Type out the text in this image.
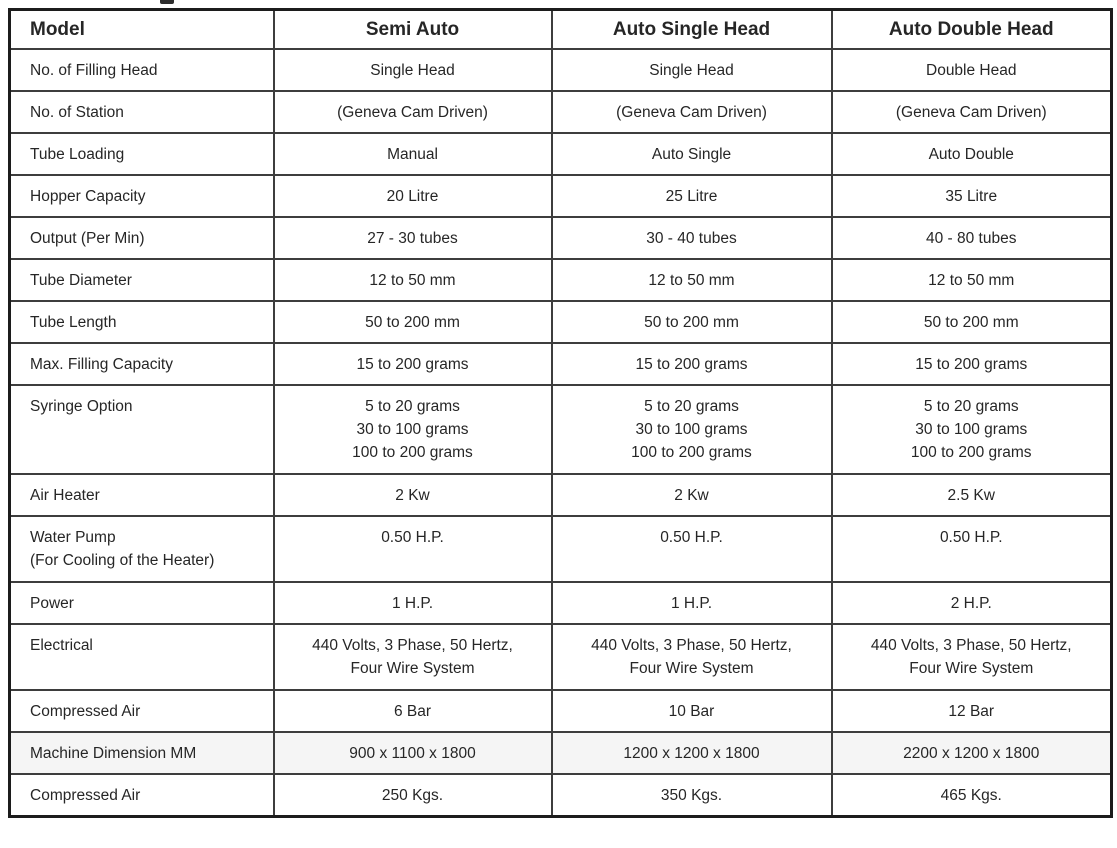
Model	Semi Auto	Auto Single Head	Auto Double Head

No. of Filling Head	Single Head	Single Head	Double Head

No. of Station	(Geneva Cam Driven)	(Geneva Cam Driven)	(Geneva Cam Driven)

Tube Loading	Manual	Auto Single	Auto Double

Hopper Capacity	20 Litre	25 Litre	35 Litre

Output (Per Min)	27 - 30 tubes	30 - 40 tubes	40 - 80 tubes

Tube Diameter	12 to 50 mm	12 to 50 mm	12 to 50 mm

Tube Length	50 to 200 mm	50 to 200 mm	50 to 200 mm

Max. Filling Capacity	15 to 200 grams	15 to 200 grams	15 to 200 grams

Syringe Option	5 to 20 grams
30 to 100 grams
100 to 200 grams	5 to 20 grams
30 to 100 grams
100 to 200 grams	5 to 20 grams
30 to 100 grams
100 to 200 grams

Air Heater	2 Kw	2 Kw	2.5 Kw

Water Pump
(For Cooling of the Heater)	0.50 H.P.	0.50 H.P.	0.50 H.P.

Power	1 H.P.	1 H.P.	2 H.P.

Electrical	440 Volts, 3 Phase, 50 Hertz,
Four Wire System	440 Volts, 3 Phase, 50 Hertz,
Four Wire System	440 Volts, 3 Phase, 50 Hertz,
Four Wire System

Compressed Air	6 Bar	10 Bar	12 Bar

Machine Dimension MM	900 x 1100 x 1800	1200 x 1200 x 1800	2200 x 1200 x 1800

Compressed Air	250 Kgs.	350 Kgs.	465 Kgs.
